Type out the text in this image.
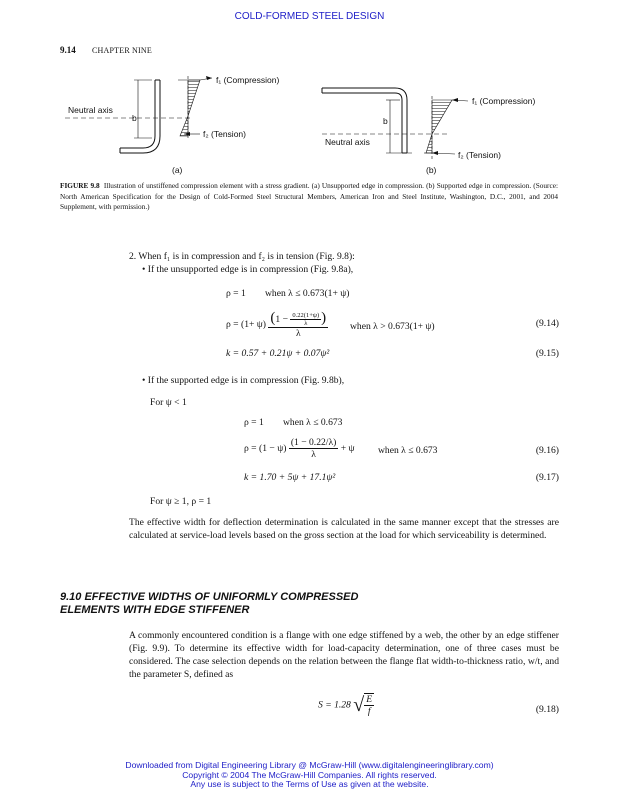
COLD-FORMED STEEL DESIGN
9.14 CHAPTER NINE
f₁ (Compression)
f₂ (Tension)
Neutral axis
b
(a)
f₁ (Compression)
f₂ (Tension)
Neutral axis
b
(b)
FIGURE 9.8 Illustration of unstiffened compression element with a stress gradient. (a) Unsupported edge in compression. (b) Supported edge in compression. (Source: North American Specification for the Design of Cold-Formed Steel Structural Members, American Iron and Steel Institute, Washington, D.C., 2001, and 2004 Supplement, with permission.)
2. When f₁ is in compression and f₂ is in tension (Fig. 9.8):
• If the unsupported edge is in compression (Fig. 9.8a),
ρ = 1        when λ ≤ 0.673(1+ ψ)
$\rho = (1+ \psi) \frac{(1 - \frac{0.22(1+\psi)}{\lambda} )}{\lambda}$ when λ > 0.673(1+ ψ)	(9.14)
k = 0.57 + 0.21ψ + 0.07ψ²	(9.15)
• If the supported edge is in compression (Fig. 9.8b),
For ψ < 1
ρ = 1        when λ ≤ 0.673
$\rho = (1 - \psi) \frac{(1 - 0.22/\lambda)}{\lambda} + \psi$ when λ ≤ 0.673	(9.16)
k = 1.70 + 5ψ + 17.1ψ²	(9.17)
For ψ ≥ 1, ρ = 1
The effective width for deflection determination is calculated in the same manner except that the stresses are calculated at service-load levels based on the gross section at the load for which serviceability is determined.
9.10 EFFECTIVE WIDTHS OF UNIFORMLY COMPRESSED
ELEMENTS WITH EDGE STIFFENER
A commonly encountered condition is a flange with one edge stiffened by a web, the other by an edge stiffener (Fig. 9.9). To determine its effective width for load-capacity determination, one of three cases must be considered. The case selection depends on the relation between the flange flat width-to-thickness ratio, w/t, and the parameter S, defined as
S = 1.28 √ $\frac{E}{f}$	(9.18)
Downloaded from Digital Engineering Library @ McGraw-Hill (www.digitalengineeringlibrary.com)
Copyright © 2004 The McGraw-Hill Companies. All rights reserved.
Any use is subject to the Terms of Use as given at the website.
